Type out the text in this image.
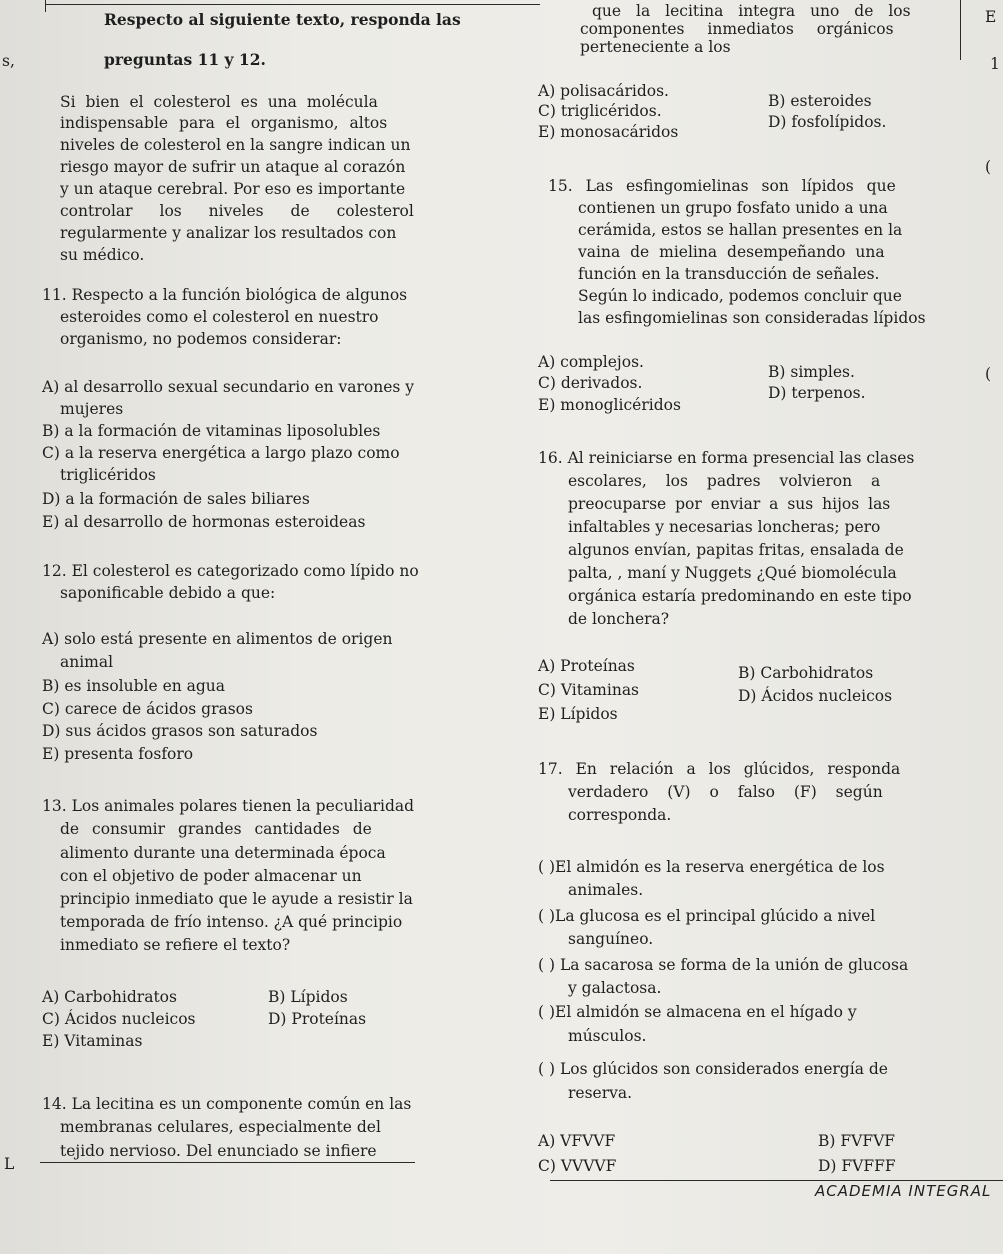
s,
L
Respecto al siguiente texto, responda las
preguntas 11 y 12.
Si bien el colesterol es una molécula
indispensable para el organismo, altos
niveles de colesterol en la sangre indican un
riesgo mayor de sufrir un ataque al corazón
y un ataque cerebral. Por eso es importante
controlar los niveles de colesterol
regularmente y analizar los resultados con
su médico.
11. Respecto a la función biológica de algunos
esteroides como el colesterol en nuestro
organismo, no podemos considerar:
A) al desarrollo sexual secundario en varones y
mujeres
B) a la formación de vitaminas liposolubles
C) a la reserva energética a largo plazo como
triglicéridos
D) a la formación de sales biliares
E) al desarrollo de hormonas esteroideas
12. El colesterol es categorizado como lípido no
saponificable debido a que:
A) solo está presente en alimentos de origen
animal
B) es insoluble en agua
C) carece de ácidos grasos
D) sus ácidos grasos son saturados
E) presenta fosforo
13. Los animales polares tienen la peculiaridad
de consumir grandes cantidades de
alimento durante una determinada época
con el objetivo de poder almacenar un
principio inmediato que le ayude a resistir la
temporada de frío intenso. ¿A qué principio
inmediato se refiere el texto?
A) Carbohidratos	B) Lípidos
C) Ácidos nucleicos	D) Proteínas
E) Vitaminas
14. La lecitina es un componente común en las
membranas celulares, especialmente del
tejido nervioso. Del enunciado se infiere
que la lecitina integra uno de los
componentes inmediatos orgánicos
perteneciente a los
A) polisacáridos.
B) esteroides
C) triglicéridos.
D) fosfolípidos.
E) monosacáridos
15. Las esfingomielinas son lípidos que
contienen un grupo fosfato unido a una
cerámida, estos se hallan presentes en la
vaina de mielina desempeñando una
función en la transducción de señales.
Según lo indicado, podemos concluir que
las esfingomielinas son consideradas lípidos
A) complejos.
B) simples.
C) derivados.
D) terpenos.
E) monoglicéridos
16. Al reiniciarse en forma presencial las clases
escolares, los padres volvieron a
preocuparse por enviar a sus hijos las
infaltables y necesarias loncheras; pero
algunos envían, papitas fritas, ensalada de
palta, , maní y Nuggets ¿Qué biomolécula
orgánica estaría predominando en este tipo
de lonchera?
A) Proteínas	B) Carbohidratos
C) Vitaminas	D) Ácidos nucleicos
E) Lípidos
17. En relación a los glúcidos, responda
verdadero (V) o falso (F) según
corresponda.
( )El almidón es la reserva energética de los
animales.
( )La glucosa es el principal glúcido a nivel
sanguíneo.
( ) La sacarosa se forma de la unión de glucosa
y galactosa.
( )El almidón se almacena en el hígado y
músculos.
( ) Los glúcidos son considerados energía de
reserva.
A) VFVVF	B) FVFVF
C) VVVVF	D) FVFFF
ACADEMIA INTEGRAL
E
1
(
(
